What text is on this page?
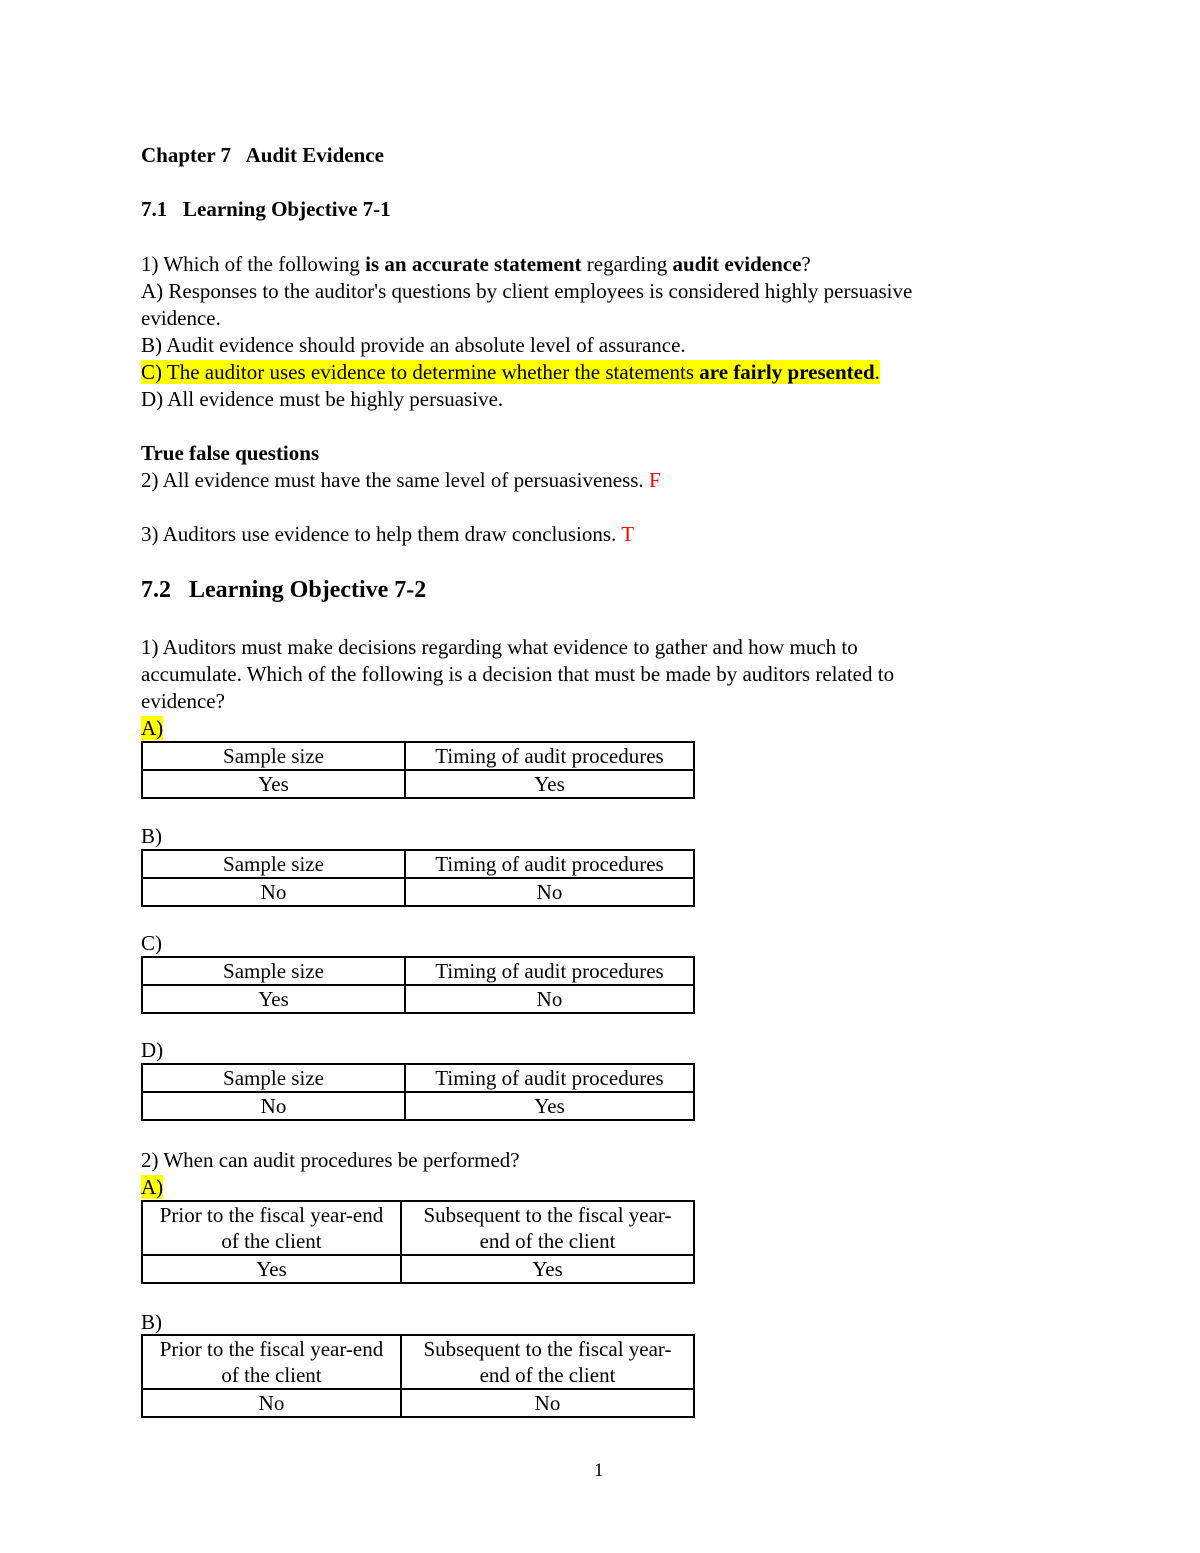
Chapter 7   Audit Evidence
7.1 Learning Objective 7-1
1) Which of the following is an accurate statement regarding audit evidence?
A) Responses to the auditor's questions by client employees is considered highly persuasive
evidence.
B) Audit evidence should provide an absolute level of assurance.
C) The auditor uses evidence to determine whether the statements are fairly presented.
D) All evidence must be highly persuasive.
True false questions
2) All evidence must have the same level of persuasiveness. F
3) Auditors use evidence to help them draw conclusions. T
7.2 Learning Objective 7-2
1) Auditors must make decisions regarding what evidence to gather and how much to
accumulate. Which of the following is a decision that must be made by auditors related to
evidence?
A)
Sample size	Timing of audit procedures
Yes	Yes
B)
Sample size	Timing of audit procedures
No	No
C)
Sample size	Timing of audit procedures
Yes	No
D)
Sample size	Timing of audit procedures
No	Yes
2) When can audit procedures be performed?
A)
Prior to the fiscal year-end
of the client	Subsequent to the fiscal year-
end of the client
Yes	Yes
B)
Prior to the fiscal year-end
of the client	Subsequent to the fiscal year-
end of the client
No	No
1
